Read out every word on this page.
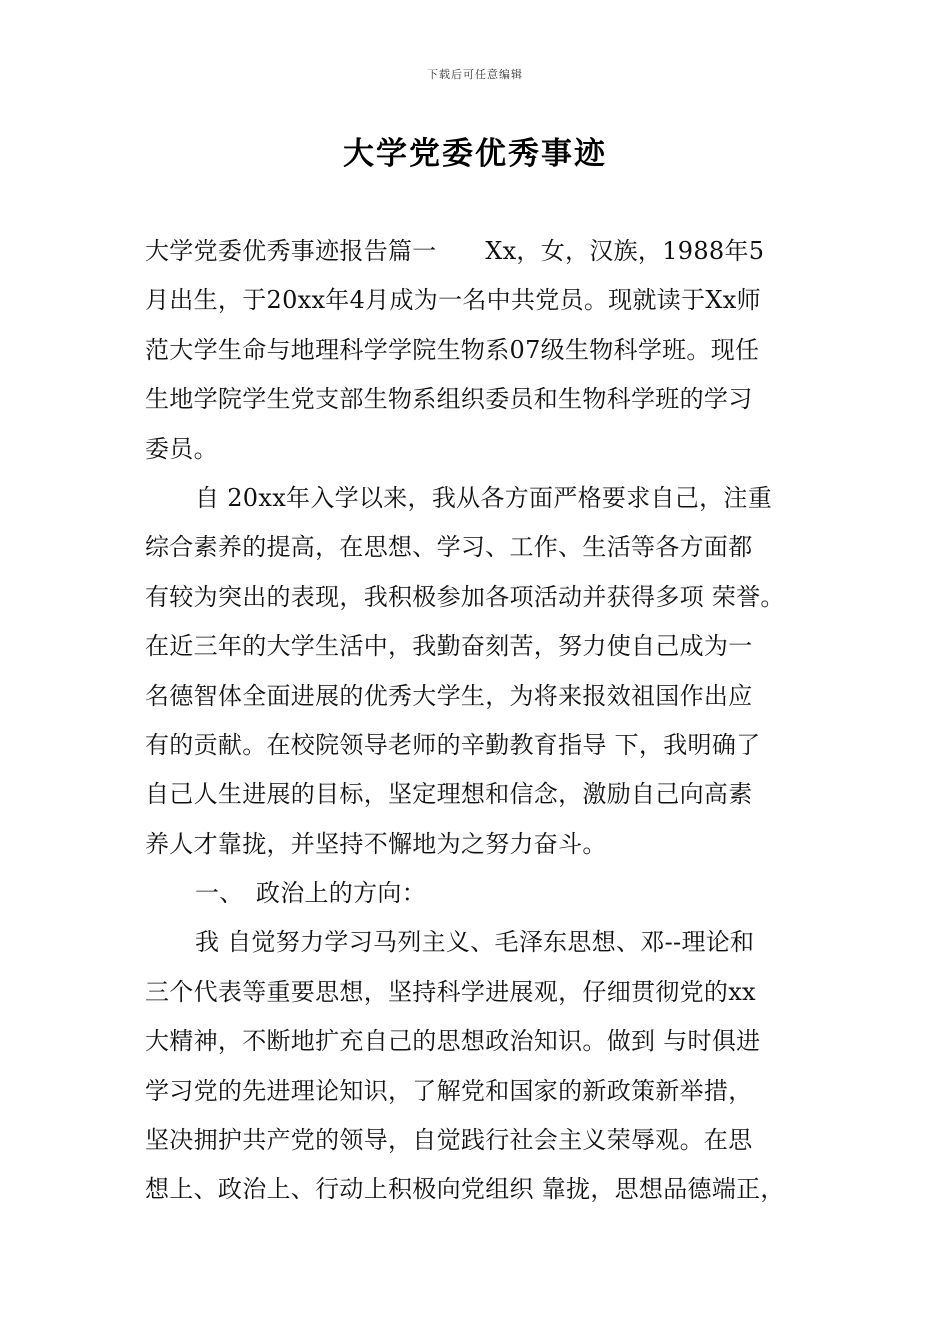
下载后可任意编辑
大学党委优秀事迹
大学党委优秀事迹报告篇一　　Xx，女，汉族，1988年5
月出生，于20xx年4月成为一名中共党员。现就读于Xx师
范大学生命与地理科学学院生物系07级生物科学班。现任
生地学院学生党支部生物系组织委员和生物科学班的学习
委员。
自 20xx年入学以来，我从各方面严格要求自己，注重
综合素养的提高，在思想、学习、工作、生活等各方面都
有较为突出的表现，我积极参加各项活动并获得多项 荣誉。
在近三年的大学生活中，我勤奋刻苦，努力使自己成为一
名德智体全面进展的优秀大学生，为将来报效祖国作出应
有的贡献。在校院领导老师的辛勤教育指导 下，我明确了
自己人生进展的目标，坚定理想和信念，激励自己向高素
养人才靠拢，并坚持不懈地为之努力奋斗。
一、　政治上的方向：
我 自觉努力学习马列主义、毛泽东思想、邓--理论和
三个代表等重要思想，坚持科学进展观，仔细贯彻党的xx
大精神，不断地扩充自己的思想政治知识。做到 与时俱进
学习党的先进理论知识，了解党和国家的新政策新举措，
坚决拥护共产党的领导，自觉践行社会主义荣辱观。在思
想上、政治上、行动上积极向党组织 靠拢，思想品德端正，
